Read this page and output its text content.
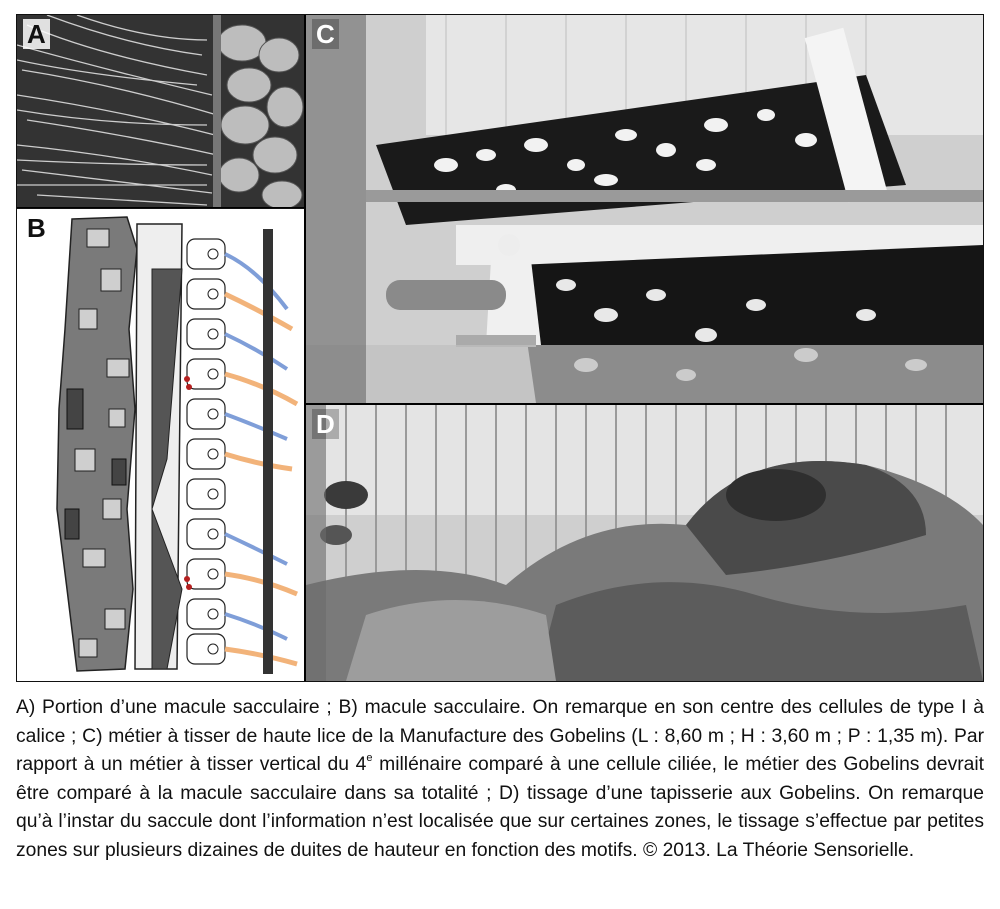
A
B
C
D

A) Portion d’une macule sacculaire ; B) macule sacculaire. On remarque en son centre des cellules de type I à calice ; C) métier à tisser de haute lice de la Manufacture des Gobelins (L : 8,60 m ; H : 3,60 m ; P : 1,35 m). Par rapport à un métier à tisser vertical du 4e millénaire comparé à une cellule ciliée, le métier des Gobelins devrait être comparé à la macule sacculaire dans sa totalité ; D) tissage d’une tapisserie aux Gobelins. On remarque qu’à l’instar du saccule dont l’information n’est localisée que sur certaines zones, le tissage s’effectue par petites zones sur plusieurs dizaines de duites de hauteur en fonction des motifs. © 2013. La Théorie Sensorielle.
